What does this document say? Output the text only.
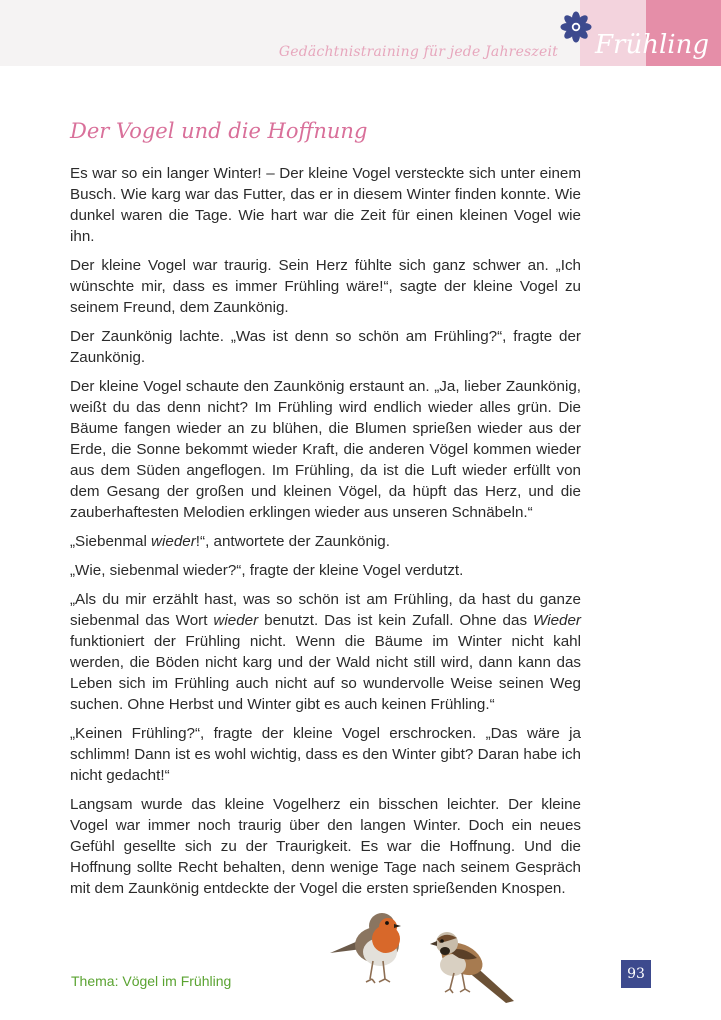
Gedächtnistraining für jede Jahreszeit Frühling
Der Vogel und die Hoffnung

Es war so ein langer Winter! – Der kleine Vogel versteckte sich unter einem Busch. Wie karg war das Futter, das er in diesem Winter finden konnte. Wie dunkel waren die Tage. Wie hart war die Zeit für einen kleinen Vogel wie ihn.

Der kleine Vogel war traurig. Sein Herz fühlte sich ganz schwer an. „Ich wünschte mir, dass es immer Frühling wäre!“, sagte der kleine Vogel zu seinem Freund, dem Zaunkönig.

Der Zaunkönig lachte. „Was ist denn so schön am Frühling?“, fragte der Zaunkönig.

Der kleine Vogel schaute den Zaunkönig erstaunt an. „Ja, lieber Zaunkönig, weißt du das denn nicht? Im Frühling wird endlich wieder alles grün. Die Bäume fangen wieder an zu blühen, die Blumen sprießen wieder aus der Erde, die Sonne bekommt wieder Kraft, die anderen Vögel kommen wieder aus dem Süden angeflogen. Im Frühling, da ist die Luft wieder erfüllt von dem Gesang der großen und kleinen Vögel, da hüpft das Herz, und die zauberhaftesten Melodien erklingen wieder aus unseren Schnäbeln.“

„Siebenmal wieder!“, antwortete der Zaunkönig.

„Wie, siebenmal wieder?“, fragte der kleine Vogel verdutzt.

„Als du mir erzählt hast, was so schön ist am Frühling, da hast du ganze siebenmal das Wort wieder benutzt. Das ist kein Zufall. Ohne das Wieder funktioniert der Frühling nicht. Wenn die Bäume im Winter nicht kahl werden, die Böden nicht karg und der Wald nicht still wird, dann kann das Leben sich im Frühling auch nicht auf so wundervolle Weise seinen Weg suchen. Ohne Herbst und Winter gibt es auch keinen Frühling.“

„Keinen Frühling?“, fragte der kleine Vogel erschrocken. „Das wäre ja schlimm! Dann ist es wohl wichtig, dass es den Winter gibt? Daran habe ich nicht gedacht!“

Langsam wurde das kleine Vogelherz ein bisschen leichter. Der kleine Vogel war immer noch traurig über den langen Winter. Doch ein neues Gefühl gesellte sich zu der Traurigkeit. Es war die Hoffnung. Und die Hoffnung sollte Recht behalten, denn wenige Tage nach seinem Gespräch mit dem Zaunkönig entdeckte der Vogel die ersten sprießenden Knospen.

Thema: Vögel im Frühling	93
